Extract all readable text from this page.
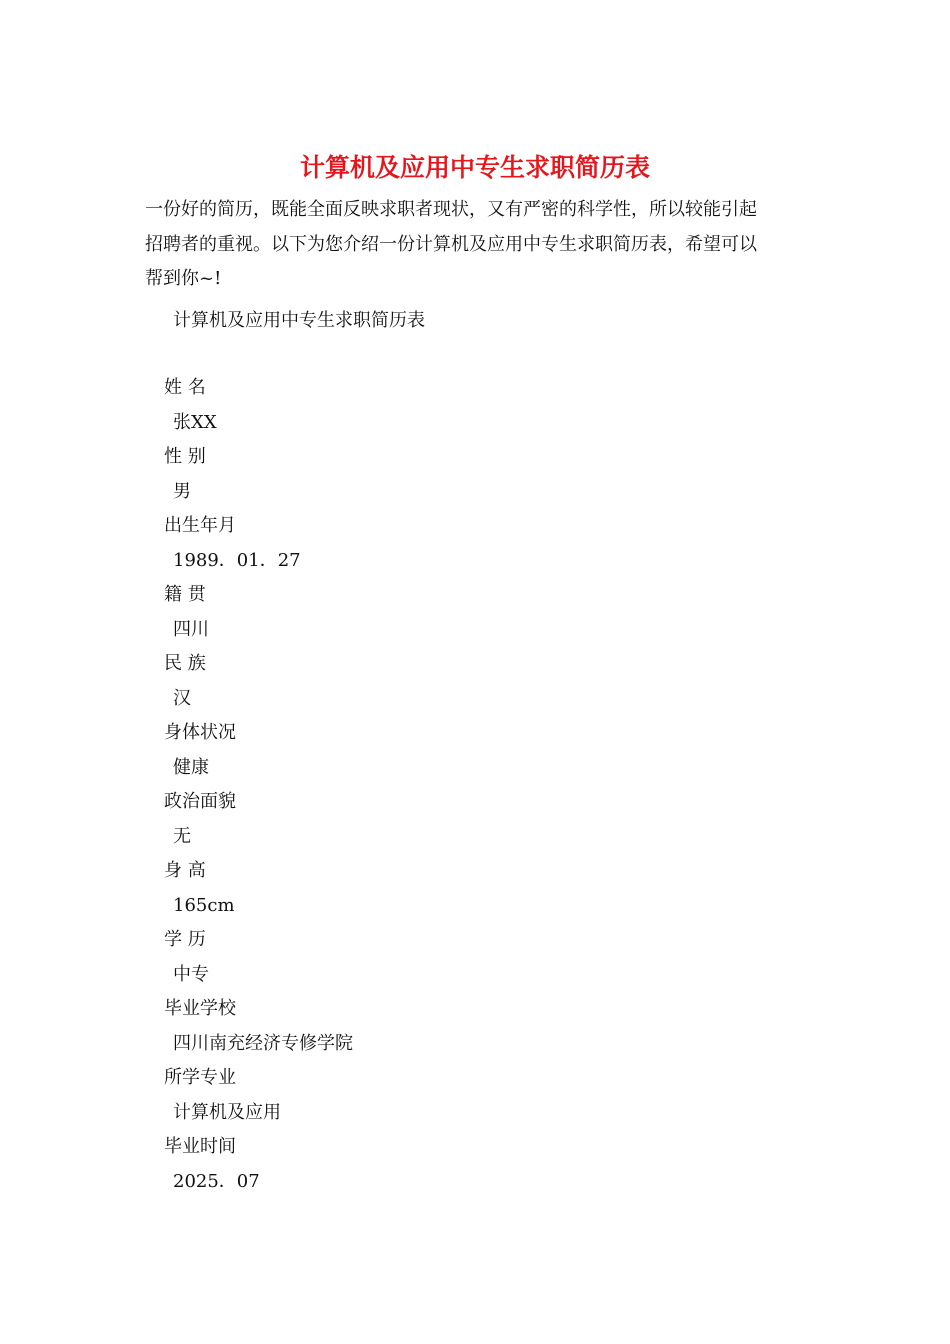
计算机及应用中专生求职简历表

一份好的简历，既能全面反映求职者现状，又有严密的科学性，所以较能引起

招聘者的重视。以下为您介绍一份计算机及应用中专生求职简历表，希望可以

帮到你~!

计算机及应用中专生求职简历表
姓 名
张XX
性 别
男
出生年月
1989．01．27
籍 贯
四川
民 族
汉
身体状况
健康
政治面貌
无
身 高
165cm
学 历
中专
毕业学校
四川南充经济专修学院
所学专业
计算机及应用
毕业时间
2025．07
